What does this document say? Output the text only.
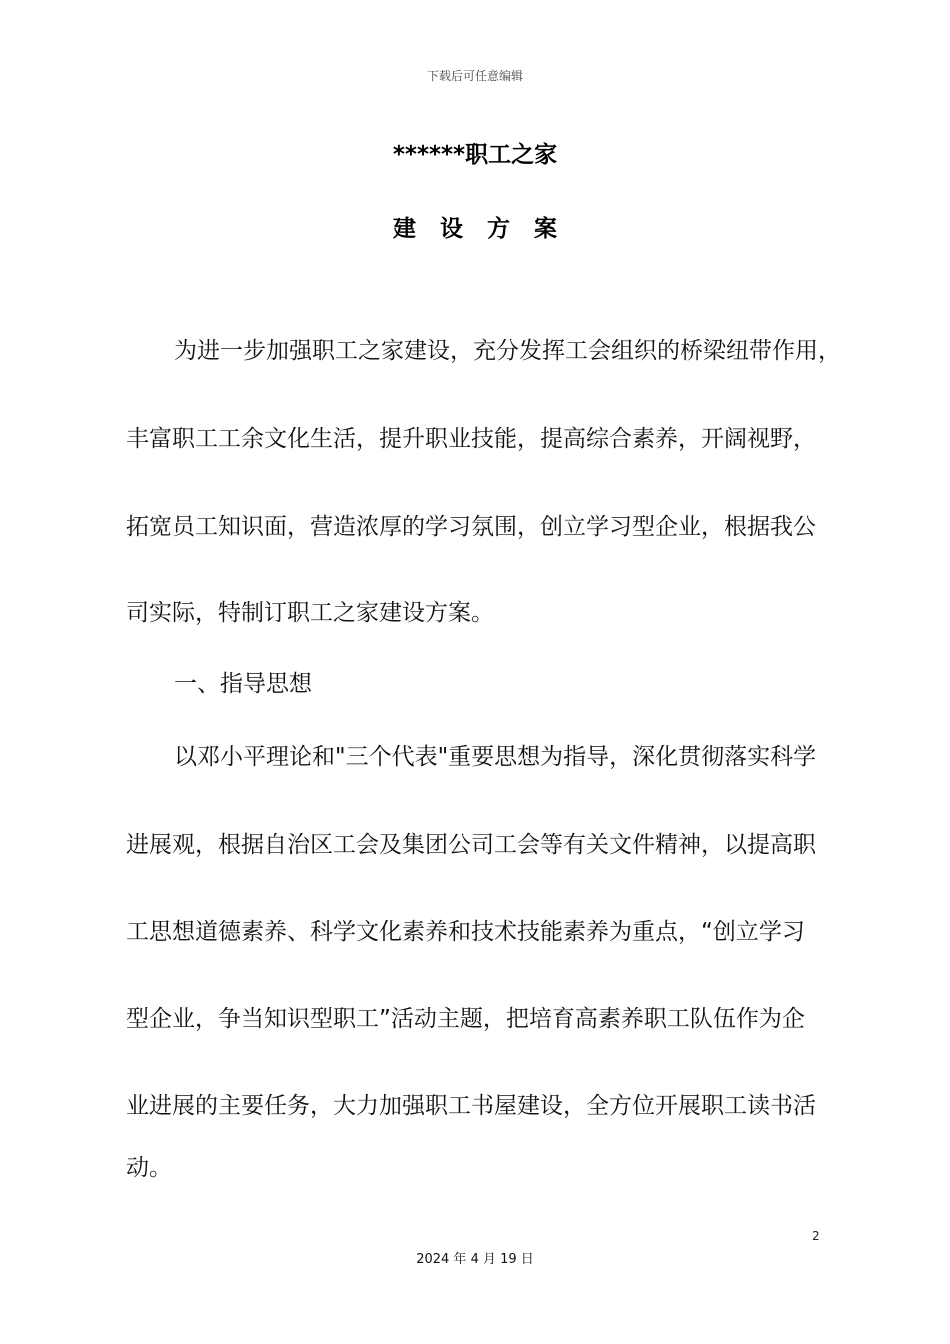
下载后可任意编辑
******职工之家
建 设 方 案
为进一步加强职工之家建设，充分发挥工会组织的桥梁纽带作用，
丰富职工工余文化生活，提升职业技能，提高综合素养，开阔视野，
拓宽员工知识面，营造浓厚的学习氛围，创立学习型企业，根据我公
司实际，特制订职工之家建设方案。
一、指导思想
以邓小平理论和"三个代表"重要思想为指导，深化贯彻落实科学
进展观，根据自治区工会及集团公司工会等有关文件精神，以提高职
工思想道德素养、科学文化素养和技术技能素养为重点，“创立学习
型企业，争当知识型职工”活动主题，把培育高素养职工队伍作为企
业进展的主要任务，大力加强职工书屋建设，全方位开展职工读书活
动。
2
2024 年 4 月 19 日
